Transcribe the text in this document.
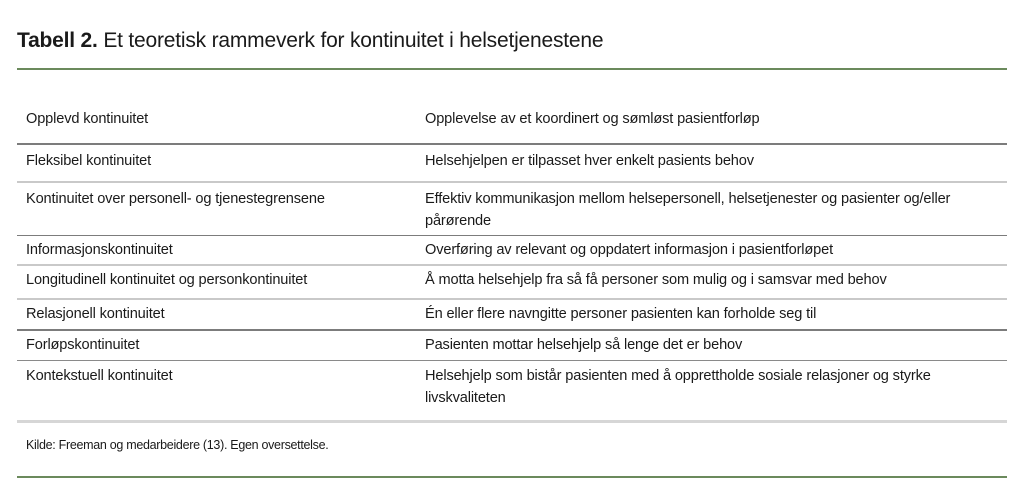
Tabell 2. Et teoretisk rammeverk for kontinuitet i helsetjenestene
Opplevd kontinuitet	Opplevelse av et koordinert og sømløst pasientforløp
Fleksibel kontinuitet	Helsehjelpen er tilpasset hver enkelt pasients behov
Kontinuitet over personell- og tjenestegrensene	Effektiv kommunikasjon mellom helsepersonell, helsetjenester og pasienter og/eller pårørende
Informasjonskontinuitet	Overføring av relevant og oppdatert informasjon i pasientforløpet
Longitudinell kontinuitet og personkontinuitet	Å motta helsehjelp fra så få personer som mulig og i samsvar med behov
Relasjonell kontinuitet	Én eller flere navngitte personer pasienten kan forholde seg til
Forløpskontinuitet	Pasienten mottar helsehjelp så lenge det er behov
Kontekstuell kontinuitet	Helsehjelp som bistår pasienten med å opprettholde sosiale relasjoner og styrke livskvaliteten
Kilde: Freeman og medarbeidere (13). Egen oversettelse.
